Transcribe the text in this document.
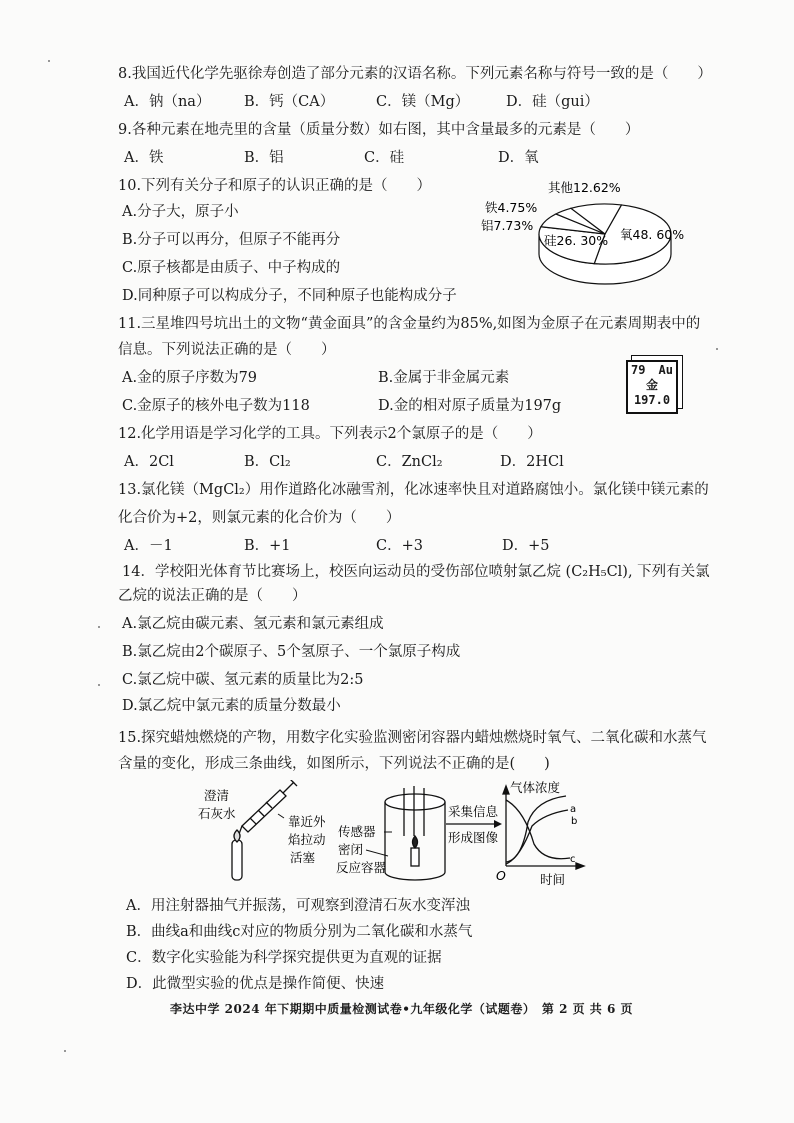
8.我国近代化学先驱徐寿创造了部分元素的汉语名称。下列元素名称与符号一致的是（　　）
A．钠（na） B．钙（CA）	C．镁（Mg）	D．硅（gui）
9.各种元素在地壳里的含量（质量分数）如右图，其中含量最多的元素是（　　）
A．铁	B．铝	C．硅	D．氧
10.下列有关分子和原子的认识正确的是（　　）
A.分子大，原子小
B.分子可以再分，但原子不能再分
C.原子核都是由质子、中子构成的
D.同种原子可以构成分子，不同种原子也能构成分子
其他12.62%
铁4.75%
铝7.73%
硅26. 30% 氧48. 60%
11.三星堆四号坑出土的文物“黄金面具”的含金量约为85%,如图为金原子在元素周期表中的
信息。下列说法正确的是（　　）
A.金的原子序数为79	B.金属于非金属元素
C.金原子的核外电子数为118	D.金的相对原子质量为197g
79 Au
金
197.0
12.化学用语是学习化学的工具。下列表示2个氯原子的是（　　）
A．2Cl	B．Cl₂	C．ZnCl₂	D．2HCl
13.氯化镁（MgCl₂）用作道路化冰融雪剂，化冰速率快且对道路腐蚀小。氯化镁中镁元素的
化合价为+2，则氯元素的化合价为（　　）
A．－1	B．+1	C．+3	D．+5
14．学校阳光体育节比赛场上，校医向运动员的受伤部位喷射氯乙烷 (C₂H₅Cl), 下列有关氯
乙烷的说法正确的是（　　）
A.氯乙烷由碳元素、氢元素和氯元素组成
B.氯乙烷由2个碳原子、5个氢原子、一个氯原子构成
C.氯乙烷中碳、氢元素的质量比为2:5
D.氯乙烷中氯元素的质量分数最小
15.探究蜡烛燃烧的产物，用数字化实验监测密闭容器内蜡烛燃烧时氧气、二氧化碳和水蒸气
含量的变化，形成三条曲线，如图所示，下列说法不正确的是(　　)
澄清
石灰水
靠近外
焰拉动
活塞
传感器
密闭
反应容器
采集信息
形成图像
气体浓度
时间
O
a
b
c
A．用注射器抽气并振荡，可观察到澄清石灰水变浑浊
B．曲线a和曲线c对应的物质分别为二氧化碳和水蒸气
C．数字化实验能为科学探究提供更为直观的证据
D．此微型实验的优点是操作简便、快速
李达中学 2024 年下期期中质量检测试卷•九年级化学（试题卷）　第 2 页 共 6 页
